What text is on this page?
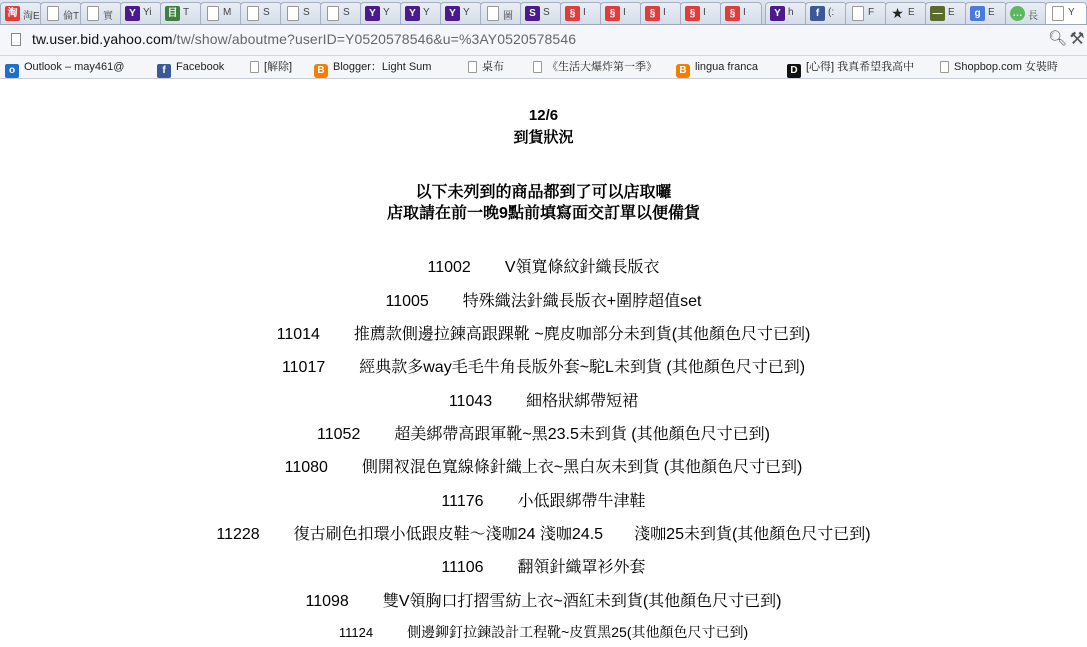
淘 淘E 倫T 實	Y Yi 目 T	M	S	S	S	Y Y	Y Y	Y Y	圖	S S	§ I	§ I	§ I	§ I	§ I	Y h	f (:	F ★ E — E	g E … 長	Y
tw.user.bid.yahoo.com/tw/show/aboutme?userID=Y0520578546&u=%3AY0520578546	🔍︎ ⚒
o Outlook – may461@	f Facebook	[解除]	B Blogger：Light Sum	桌布	《生活大爆炸第一季》	B lingua franca	D [心得] 我真希望我高中	Shopbop.com 女裝時
12/6
到貨狀況
以下未列到的商品都到了可以店取囉
店取請在前一晚9點前填寫面交訂單以便備貨
11002 V領寬條紋針織長版衣
11005 特殊織法針織長版衣+圍脖超值set
11014 推薦款側邊拉鍊高跟踝靴 ~麂皮咖部分未到貨(其他顏色尺寸已到)
11017 經典款多way毛毛牛角長版外套~駝L未到貨 (其他顏色尺寸已到)
11043 細格狀綁帶短裙
11052 超美綁帶高跟軍靴~黑23.5未到貨 (其他顏色尺寸已到)
11080 側開衩混色寬線條針織上衣~黑白灰未到貨 (其他顏色尺寸已到)
11176 小低跟綁帶牛津鞋
11228 復古刷色扣環小低跟皮鞋～淺咖24 淺咖24.5       淺咖25未到貨(其他顏色尺寸已到)
11106 翻領針織罩衫外套
11098 雙V領胸口打摺雪紡上衣~酒紅未到貨(其他顏色尺寸已到)
11124 側邊鉚釘拉鍊設計工程靴~皮質黑25(其他顏色尺寸已到)
